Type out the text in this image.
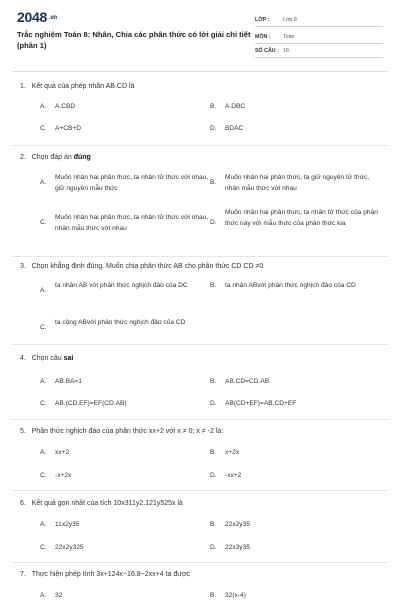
2048 $^{.vn}$
Trắc nghiệm Toán 8: Nhân, Chia các phân thức có lời giải chi tiết (phần 1)
LỚP :	Lớp 8
MÔN : Toán
SỐ CÂU : 16
1. Kết quả của phép nhân AB.CD là
A. A.CBD	B. A.DBC
C. A+CB+D	D. BDAC
2. Chọn đáp án đúng
A.
Muốn nhân hai phân thức, ta nhân tử thức với nhau, giữ nguyên mẫu thức
B.
Muốn nhân hai phân thức, ta giữ nguyên tử thức, nhân mẫu thức với nhau
C.
Muốn nhân hai phân thức, ta nhân tử thức với nhau, nhân mẫu thức với nhau
D.
Muốn nhân hai phân thức, ta nhân tử thức của phân thức này với mẫu thức của phân thức kia
3. Chọn khẳng định đúng. Muốn chia phân thức AB cho phân thức CD CD ≠0
A.
ta nhân AB với phân thức nghịch đảo của DC	B. ta nhân ABvới phân thức nghịch đảo của CD
C.
ta cộng ABvới phân thức nghịch đảo của CD
4. Chọn câu sai
A. AB.BA=1	B. AB.CD=CD.AB
C. AB.(CD.EF)=EF(CD.AB)	D. AB(CD+EF)=AB.CD+EF
5. Phân thức nghịch đảo của phân thức xx+2 với x ≠ 0; x ≠ -2 là:
A. xx+2	B. x+2x
C. -x+2x	D. -xx+2
6. Kết quả gọn nhất của tích 10x311y2.121y525x là
A. 11x2y35	B. 22x2y35
C. 22x2y325	D. 22x3y35
7. Thực hiện phép tính 3x+124x−16.8−2xx+4 ta được
A. 32	B. 32(x-4)
